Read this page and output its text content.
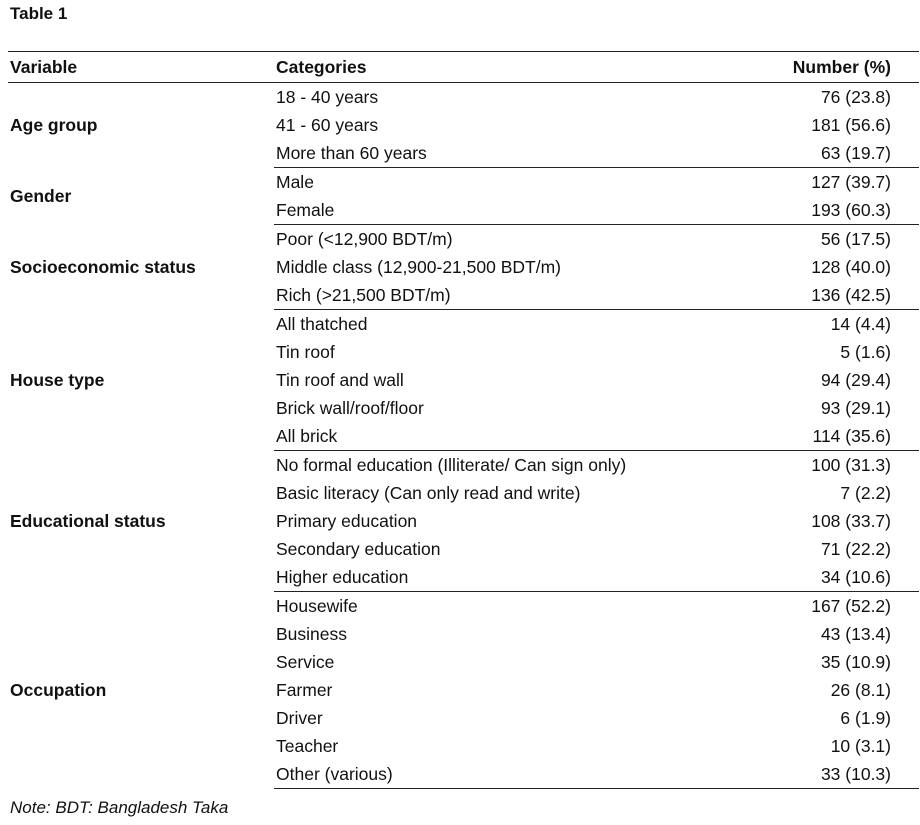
Table 1
Variable	Categories	Number (%)
Age group	18 - 40 years	76 (23.8)
	41 - 60 years	181 (56.6)
	More than 60 years	63 (19.7)
Gender	Male	127 (39.7)
	Female	193 (60.3)
Socioeconomic status	Poor (<12,900 BDT/m)	56 (17.5)
	Middle class (12,900-21,500 BDT/m)	128 (40.0)
	Rich (>21,500 BDT/m)	136 (42.5)
House type	All thatched	14 (4.4)
	Tin roof	5 (1.6)
	Tin roof and wall	94 (29.4)
	Brick wall/roof/floor	93 (29.1)
	All brick	114 (35.6)
Educational status	No formal education (Illiterate/ Can sign only)	100 (31.3)
	Basic literacy (Can only read and write)	7 (2.2)
	Primary education	108 (33.7)
	Secondary education	71 (22.2)
	Higher education	34 (10.6)
Occupation	Housewife	167 (52.2)
	Business	43 (13.4)
	Service	35 (10.9)
	Farmer	26 (8.1)
	Driver	6 (1.9)
	Teacher	10 (3.1)
	Other (various)	33 (10.3)
Note: BDT: Bangladesh Taka
